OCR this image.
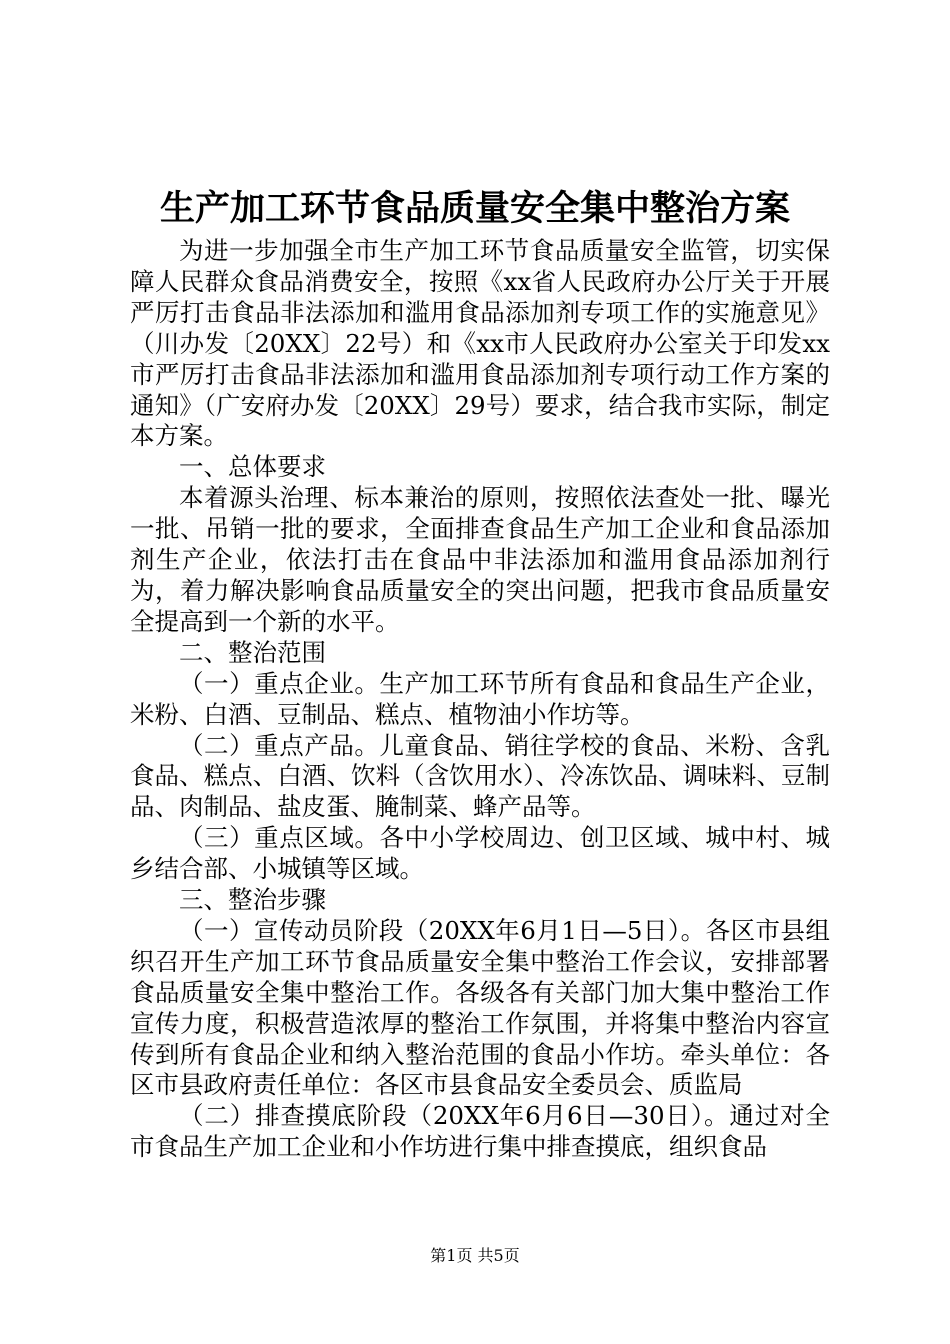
生产加工环节食品质量安全集中整治方案

为进一步加强全市生产加工环节食品质量安全监管，切实保障人民群众食品消费安全，按照《xx省人民政府办公厅关于开展严厉打击食品非法添加和滥用食品添加剂专项工作的实施意见》（川办发〔20XX〕22号）和《xx市人民政府办公室关于印发xx市严厉打击食品非法添加和滥用食品添加剂专项行动工作方案的通知》（广安府办发〔20XX〕29号）要求，结合我市实际，制定本方案。

一、总体要求

本着源头治理、标本兼治的原则，按照依法查处一批、曝光一批、吊销一批的要求，全面排查食品生产加工企业和食品添加剂生产企业，依法打击在食品中非法添加和滥用食品添加剂行为，着力解决影响食品质量安全的突出问题，把我市食品质量安全提高到一个新的水平。

二、整治范围

（一）重点企业。生产加工环节所有食品和食品生产企业，米粉、白酒、豆制品、糕点、植物油小作坊等。

（二）重点产品。儿童食品、销往学校的食品、米粉、含乳食品、糕点、白酒、饮料（含饮用水）、冷冻饮品、调味料、豆制品、肉制品、盐皮蛋、腌制菜、蜂产品等。

（三）重点区域。各中小学校周边、创卫区域、城中村、城乡结合部、小城镇等区域。

三、整治步骤

（一）宣传动员阶段（20XX年6月1日—5日）。各区市县组织召开生产加工环节食品质量安全集中整治工作会议，安排部署食品质量安全集中整治工作。各级各有关部门加大集中整治工作宣传力度，积极营造浓厚的整治工作氛围，并将集中整治内容宣传到所有食品企业和纳入整治范围的食品小作坊。牵头单位：各区市县政府责任单位：各区市县食品安全委员会、质监局

（二）排查摸底阶段（20XX年6月6日—30日）。通过对全市食品生产加工企业和小作坊进行集中排查摸底，组织食品

第1页 共5页
